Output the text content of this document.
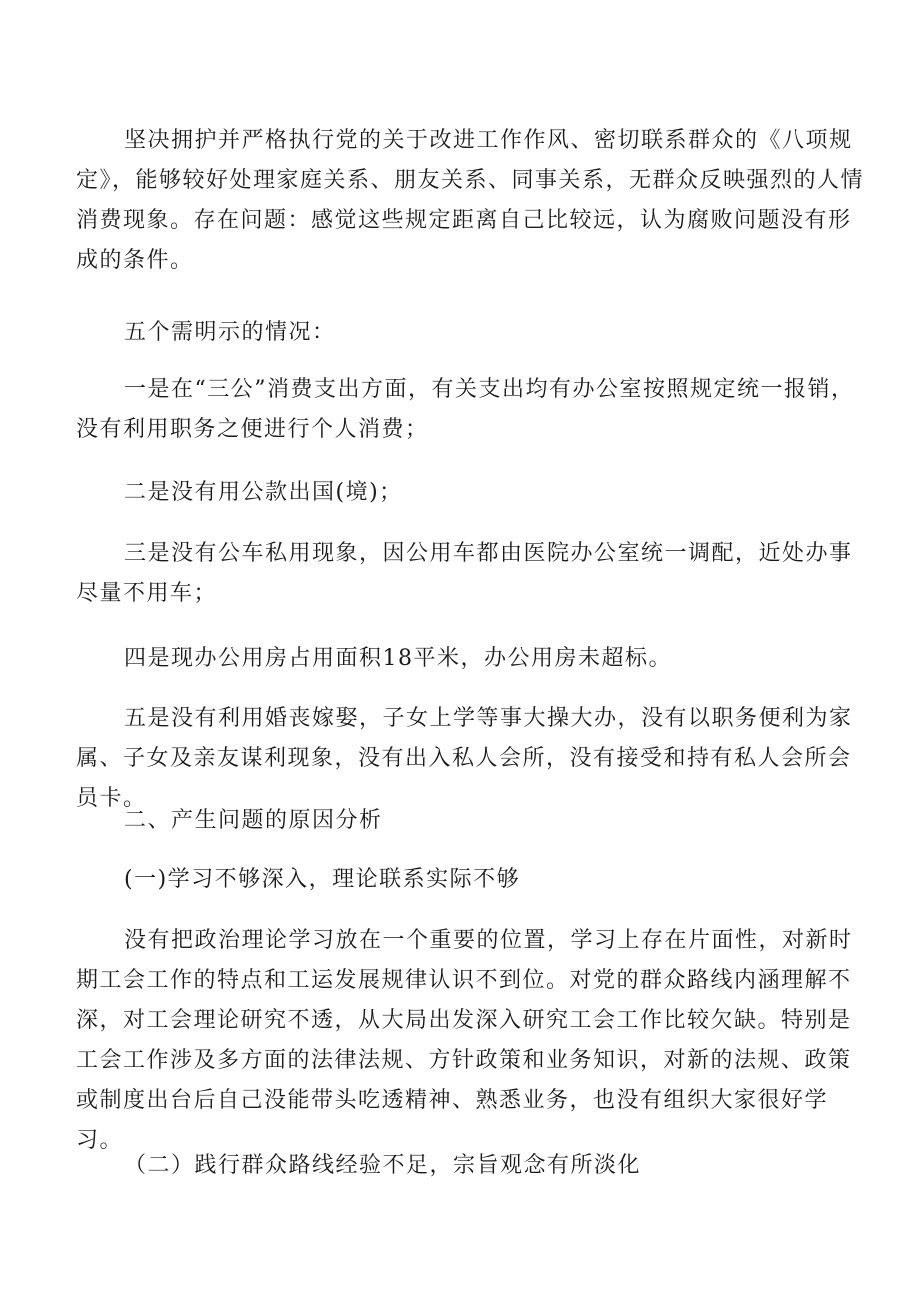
坚决拥护并严格执行党的关于改进工作作风、密切联系群众的《八项规定》，能够较好处理家庭关系、朋友关系、同事关系，无群众反映强烈的人情消费现象。存在问题：感觉这些规定距离自己比较远，认为腐败问题没有形成的条件。

五个需明示的情况：

一是在“三公”消费支出方面，有关支出均有办公室按照规定统一报销，没有利用职务之便进行个人消费；

二是没有用公款出国(境)；

三是没有公车私用现象，因公用车都由医院办公室统一调配，近处办事尽量不用车；

四是现办公用房占用面积18平米，办公用房未超标。

五是没有利用婚丧嫁娶，子女上学等事大操大办，没有以职务便利为家属、子女及亲友谋利现象，没有出入私人会所，没有接受和持有私人会所会员卡。

二、产生问题的原因分析

(一)学习不够深入，理论联系实际不够

没有把政治理论学习放在一个重要的位置，学习上存在片面性，对新时期工会工作的特点和工运发展规律认识不到位。对党的群众路线内涵理解不深，对工会理论研究不透，从大局出发深入研究工会工作比较欠缺。特别是工会工作涉及多方面的法律法规、方针政策和业务知识，对新的法规、政策或制度出台后自己没能带头吃透精神、熟悉业务，也没有组织大家很好学习。

（二）践行群众路线经验不足，宗旨观念有所淡化
